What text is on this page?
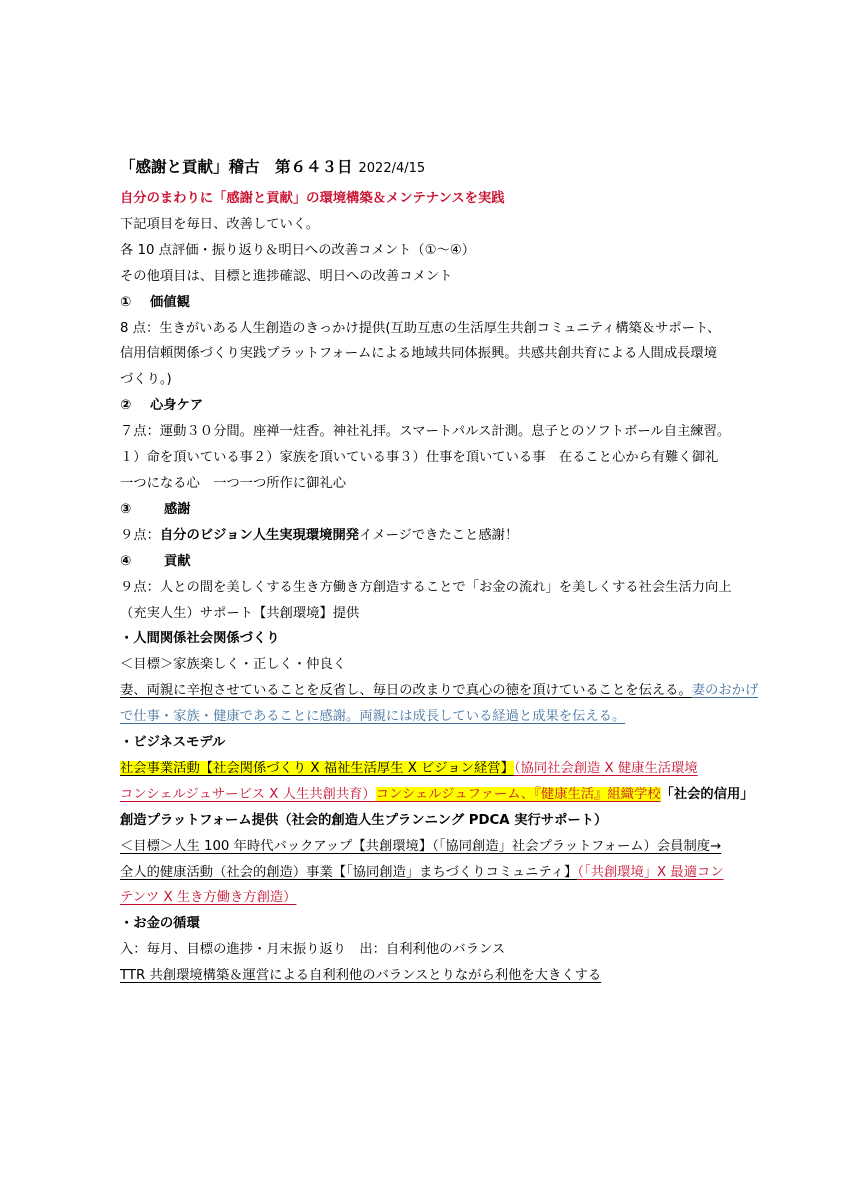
「感謝と貢献」稽古　第６４３日 2022/4/15
自分のまわりに「感謝と貢献」の環境構築＆メンテナンスを実践
下記項目を毎日、改善していく。
各 10 点評価・振り返り＆明日への改善コメント（①～④）
その他項目は、目標と進捗確認、明日への改善コメント
① 価値観
8 点：生きがいある人生創造のきっかけ提供(互助互恵の生活厚生共創コミュニティ構築＆サポート、
信用信頼関係づくり実践プラットフォームによる地域共同体振興。共感共創共育による人間成長環境
づくり。)
② 心身ケア
７点：運動３０分間。座禅一炷香。神社礼拝。スマートパルス計測。息子とのソフトボール自主練習。
１）命を頂いている事２）家族を頂いている事３）仕事を頂いている事　在ること心から有難く御礼
一つになる心　一つ一つ所作に御礼心
③ 感謝
９点：自分のビジョン人生実現環境開発イメージできたこと感謝！
④ 貢献
９点：人との間を美しくする生き方働き方創造することで「お金の流れ」を美しくする社会生活力向上
（充実人生）サポート【共創環境】提供
・人間関係社会関係づくり
＜目標＞家族楽しく・正しく・仲良く
妻、両親に辛抱させていることを反省し、毎日の改まりで真心の徳を頂けていることを伝える。妻のおかげ
で仕事・家族・健康であることに感謝。両親には成長している経過と成果を伝える。
・ビジネスモデル
社会事業活動【社会関係づくり X 福祉生活厚生 X ビジョン経営】（協同社会創造 X 健康生活環境
コンシェルジュサービス X 人生共創共育）コンシェルジュファーム、『健康生活』組織学校「社会的信用」
創造プラットフォーム提供（社会的創造人生プランニング PDCA 実行サポート）
＜目標＞人生 100 年時代バックアップ【共創環境】（「協同創造」社会プラットフォーム）会員制度→
全人的健康活動（社会的創造）事業【「協同創造」まちづくりコミュニティ】（「共創環境」X 最適コン
テンツ X 生き方働き方創造）
・お金の循環
入：毎月、目標の進捗・月末振り返り　出：自利利他のバランス
TTR 共創環境構築＆運営による自利利他のバランスとりながら利他を大きくする
